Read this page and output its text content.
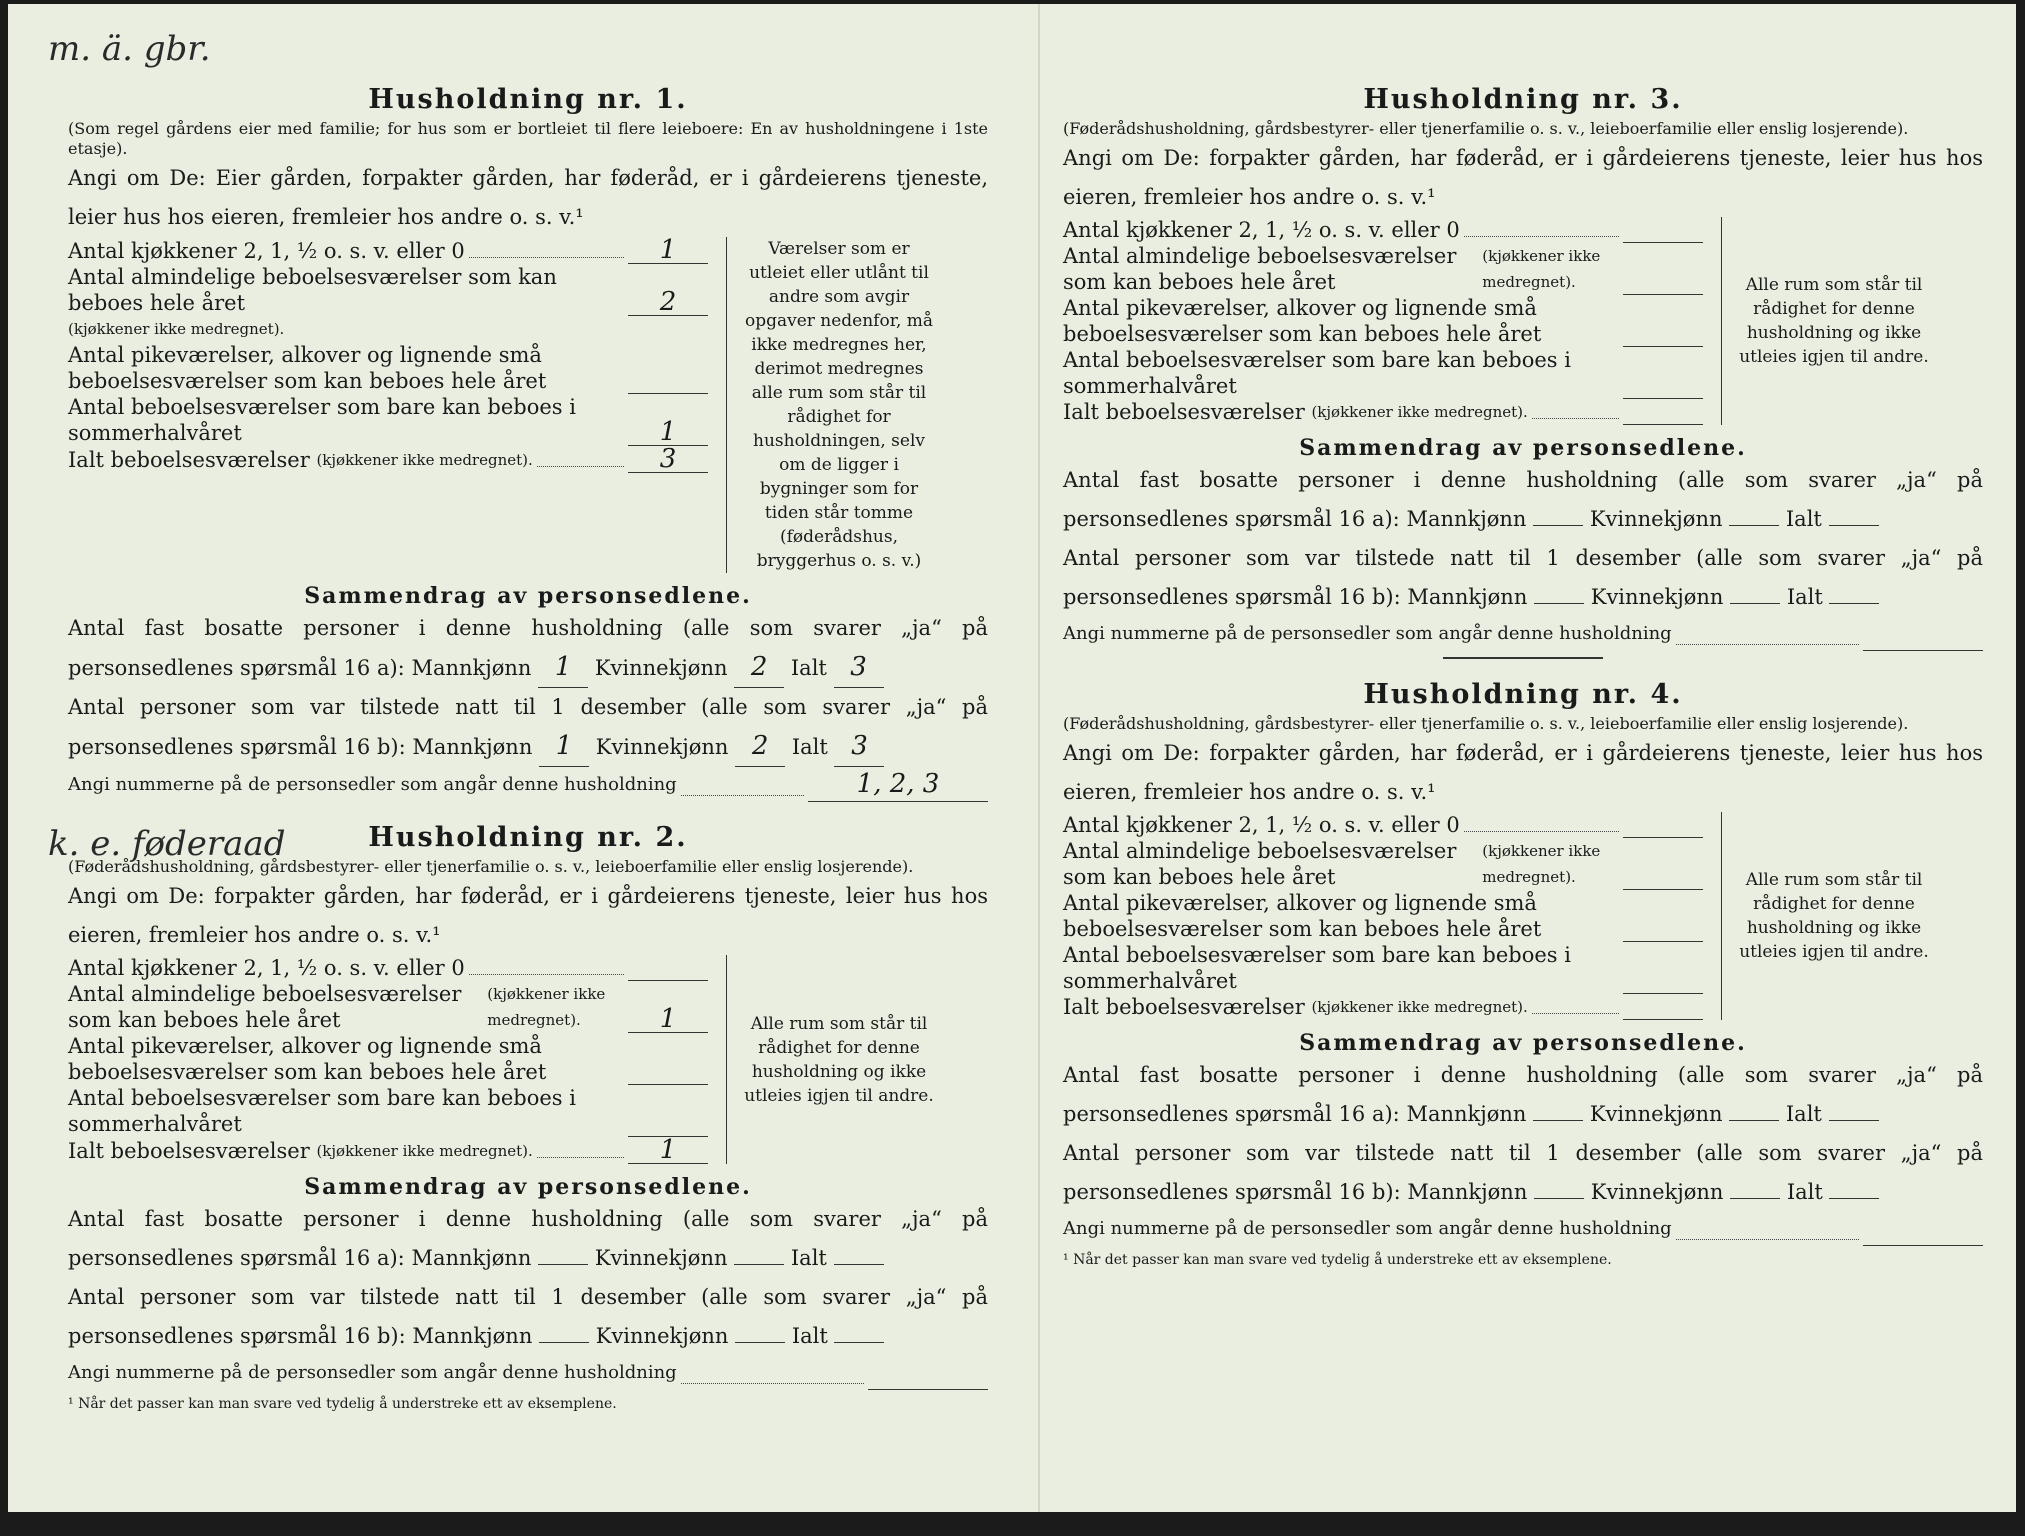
m. ä. gbr.
Husholdning nr. 1.
(Som regel gårdens eier med familie; for hus som er bortleiet til flere leieboere: En av husholdningene i 1ste etasje).
Angi om De: Eier gården, forpakter gården, har føderåd, er i gårdeierens tjeneste, leier hus hos eieren, fremleier hos andre o. s. v.¹
Antal kjøkkener 2, 1, ½ o. s. v. eller 0	1
Antal almindelige beboelsesværelser som kan beboes hele året	2
(kjøkkener ikke medregnet).
Antal pikeværelser, alkover og lignende små beboelsesværelser som kan beboes hele året
Antal beboelsesværelser som bare kan beboes i sommerhalvåret	1
Ialt beboelsesværelser
(kjøkkener ikke medregnet).	3
Værelser som er utleiet eller utlånt til andre som avgir opgaver nedenfor, må ikke medregnes her, derimot medregnes alle rum som står til rådighet for husholdningen, selv om de ligger i bygninger som for tiden står tomme (føderådshus, bryggerhus o. s. v.)
Sammendrag av personsedlene.
Antal fast bosatte personer i denne husholdning (alle som svarer „ja“ på personsedlenes spørsmål 16 a): Mannkjønn 1 Kvinnekjønn 2 Ialt 3
Antal personer som var tilstede natt til 1 desember (alle som svarer „ja“ på personsedlenes spørsmål 16 b): Mannkjønn 1 Kvinnekjønn 2 Ialt 3
Angi nummerne på de personsedler som angår denne husholdning	1, 2, 3
k. e. føderaad	Husholdning nr. 2.
(Føderådshusholdning, gårdsbestyrer- eller tjenerfamilie o. s. v., leieboerfamilie eller enslig losjerende).
Angi om De: forpakter gården, har føderåd, er i gårdeierens tjeneste, leier hus hos eieren, fremleier hos andre o. s. v.¹
Antal kjøkkener 2, 1, ½ o. s. v. eller 0
Antal almindelige beboelsesværelser som kan beboes hele året

(kjøkkener ikke medregnet).	1
Antal pikeværelser, alkover og lignende små beboelsesværelser som kan beboes hele året
Antal beboelsesværelser som bare kan beboes i sommerhalvåret
Ialt beboelsesværelser
(kjøkkener ikke medregnet).	1
Alle rum som står til rådighet for denne husholdning og ikke utleies igjen til andre.
Sammendrag av personsedlene.
Antal fast bosatte personer i denne husholdning (alle som svarer „ja“ på personsedlenes spørsmål 16 a): Mannkjønn	Kvinnekjønn	Ialt
Antal personer som var tilstede natt til 1 desember (alle som svarer „ja“ på personsedlenes spørsmål 16 b): Mannkjønn	Kvinnekjønn	Ialt
Angi nummerne på de personsedler som angår denne husholdning
¹ Når det passer kan man svare ved tydelig å understreke ett av eksemplene.
Husholdning nr. 3.
(Føderådshusholdning, gårdsbestyrer- eller tjenerfamilie o. s. v., leieboerfamilie eller enslig losjerende).
Angi om De: forpakter gården, har føderåd, er i gårdeierens tjeneste, leier hus hos eieren, fremleier hos andre o. s. v.¹
Antal kjøkkener 2, 1, ½ o. s. v. eller 0
Antal almindelige beboelsesværelser som kan beboes hele året

(kjøkkener ikke medregnet).
Antal pikeværelser, alkover og lignende små beboelsesværelser som kan beboes hele året
Antal beboelsesværelser som bare kan beboes i sommerhalvåret
Ialt beboelsesværelser
(kjøkkener ikke medregnet).
Alle rum som står til rådighet for denne husholdning og ikke utleies igjen til andre.
Sammendrag av personsedlene.
Antal fast bosatte personer i denne husholdning (alle som svarer „ja“ på personsedlenes spørsmål 16 a): Mannkjønn	Kvinnekjønn	Ialt
Antal personer som var tilstede natt til 1 desember (alle som svarer „ja“ på personsedlenes spørsmål 16 b): Mannkjønn	Kvinnekjønn	Ialt
Angi nummerne på de personsedler som angår denne husholdning
Husholdning nr. 4.
(Føderådshusholdning, gårdsbestyrer- eller tjenerfamilie o. s. v., leieboerfamilie eller enslig losjerende).
Angi om De: forpakter gården, har føderåd, er i gårdeierens tjeneste, leier hus hos eieren, fremleier hos andre o. s. v.¹
Antal kjøkkener 2, 1, ½ o. s. v. eller 0
Antal almindelige beboelsesværelser som kan beboes hele året

(kjøkkener ikke medregnet).
Antal pikeværelser, alkover og lignende små beboelsesværelser som kan beboes hele året
Antal beboelsesværelser som bare kan beboes i sommerhalvåret
Ialt beboelsesværelser
(kjøkkener ikke medregnet).
Alle rum som står til rådighet for denne husholdning og ikke utleies igjen til andre.
Sammendrag av personsedlene.
Antal fast bosatte personer i denne husholdning (alle som svarer „ja“ på personsedlenes spørsmål 16 a): Mannkjønn	Kvinnekjønn	Ialt
Antal personer som var tilstede natt til 1 desember (alle som svarer „ja“ på personsedlenes spørsmål 16 b): Mannkjønn	Kvinnekjønn	Ialt
Angi nummerne på de personsedler som angår denne husholdning
¹ Når det passer kan man svare ved tydelig å understreke ett av eksemplene.
